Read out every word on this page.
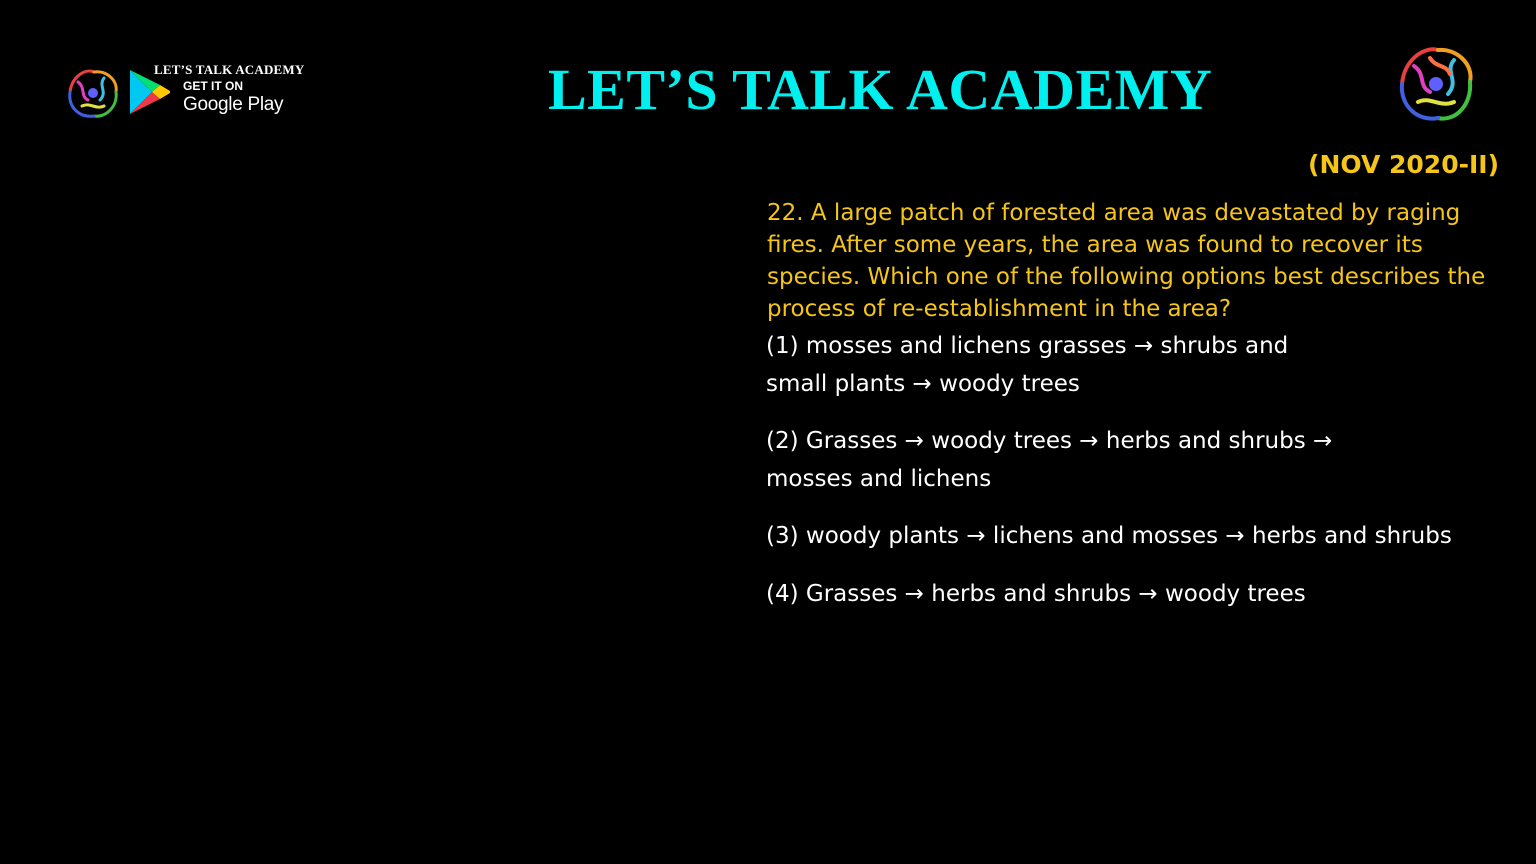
LET’S TALK ACADEMY
GET IT ON
Google Play	LET’S TALK ACADEMY
(NOV 2020-II)
22. A large patch of forested area was devastated by raging fires. After some years, the area was found to recover its species. Which one of the following options best describes the process of re-establishment in the area?
(1) mosses and lichens grasses → shrubs and small plants → woody trees
(2) Grasses → woody trees → herbs and shrubs → mosses and lichens
(3) woody plants → lichens and mosses → herbs and shrubs
(4) Grasses → herbs and shrubs → woody trees
